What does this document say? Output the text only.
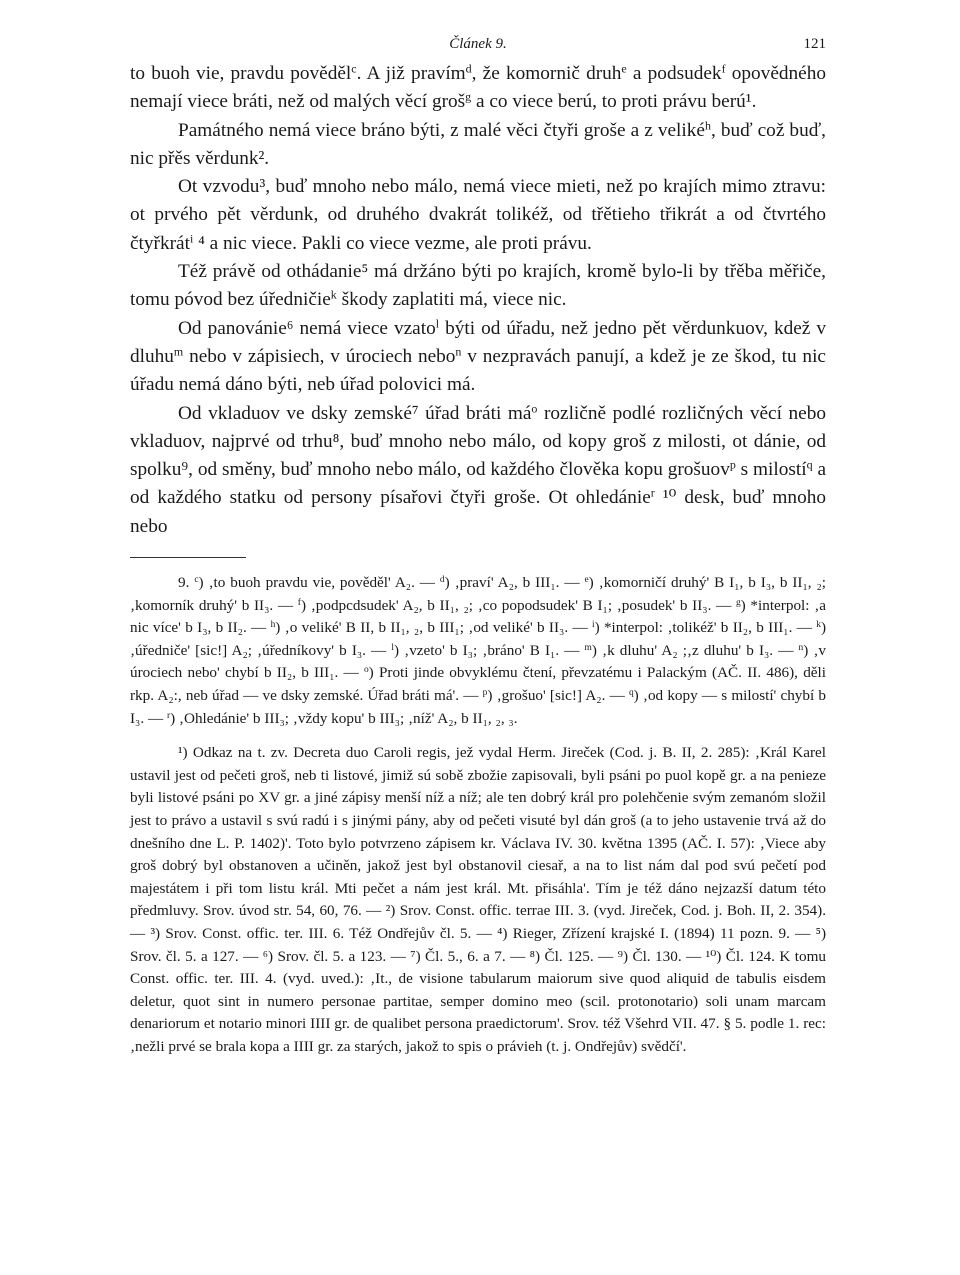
Článek 9.	121

to buoh vie, pravdu pověděl$^c$. A již pravím$^d$, že komornič druh$^e$ a podsudek$^f$ opovědného nemají viece bráti, než od malých věcí groš$^g$ a co viece berú, to proti právu berú¹.

Památného nemá viece bráno býti, z malé věci čtyři groše a z veliké$^h$, buď což buď, nic přěs věrdunk².

Ot vzvodu³, buď mnoho nebo málo, nemá viece mieti, než po krajích mimo ztravu: ot prvého pět věrdunk, od druhého dvakrát tolikéž, od třětieho třikrát a od čtvrtého čtyřkrát$^i$ ⁴ a nic viece. Pakli co viece vezme, ale proti právu.

Též právě od othádanie⁵ má držáno býti po krajích, kromě bylo-li by třěba měřiče, tomu póvod bez úředničie$^k$ škody zaplatiti má, viece nic.

Od panovánie⁶ nemá viece vzato$^l$ býti od úřadu, než jedno pět věrdunkuov, kdež v dluhu$^m$ nebo v zápisiech, v úrociech nebo$^n$ v nezpravách panují, a kdež je ze škod, tu nic úřadu nemá dáno býti, neb úřad polovici má.

Od vkladuov ve dsky zemské⁷ úřad bráti $má^o$ rozličně podlé rozličných věcí nebo vkladuov, najprvé od trhu⁸, buď mnoho nebo málo, od kopy groš z milosti, ot dánie, od spolku⁹, od směny, buď mnoho nebo málo, od každého člověka kopu grošuov$^p$ s milostí$^q$ a od každého statku od persony písařovi čtyři groše. Ot ohledánie$^r$ ¹⁰ desk, buď mnoho nebo

9. $^c$) ‚to buoh pravdu vie, pověděl' A₂. — $^d$) ‚praví' A₂, b III₁. — $^e$) ‚komorničí druhý' B I₁, b I₃, b II₁, ₂; ‚komorník druhý' b II₃. — $^f$) ‚podpcdsudek' A₂, b II₁, ₂; ‚co popodsudek' B I₁; ‚posudek' b II₃. — $^g$) *interpol: ‚a nic více' b I₃, b II₂. — $^h$) ‚o veliké' B II, b II₁, ₂, b III₁; ‚od veliké' b II₃. — $^i$) *interpol: ‚tolikéž' b II₂, b III₁. — $^k$) ‚úředniče' [sic!] A₂; ‚úředníkovy' b I₃. — $^l$) ‚vzeto' b I₃; ‚bráno' B I₁. — $^m$) ‚k dluhu' A₂ ;‚z dluhu' b I₃. — $^n$) ‚v úrociech nebo' chybí b II₂, b III₁. — $^o$) Proti jinde obvyklému čtení, převzatému i Palackým (AČ. II. 486), děli rkp. A₂:, neb úřad — ve dsky zemské. Úřad bráti má'. — $^p$) ‚grošuo' [sic!] A₂. — $^q$) ‚od kopy — s milostí' chybí b I₃. — $^r$) ‚Ohledánie' b III₃; ‚vždy kopu' b III₃; ‚níž' A₂, b II₁, ₂, ₃.

¹) Odkaz na t. zv. Decreta duo Caroli regis, jež vydal Herm. Jireček (Cod. j. B. II, 2. 285): ‚Král Karel ustavil jest od pečeti groš, neb ti listové, jimiž sú sobě zbožie zapisovali, byli psáni po puol kopě gr. a na penieze byli listové psáni po XV gr. a jiné zápisy menší níž a níž; ale ten dobrý král pro polehčenie svým zemanóm složil jest to právo a ustavil s svú radú i s jinými pány, aby od pečeti visuté byl dán groš (a to jeho ustavenie trvá až do dnešního dne L. P. 1402)'. Toto bylo potvrzeno zápisem kr. Václava IV. 30. května 1395 (AČ. I. 57): ‚Viece aby groš dobrý byl obstanoven a učiněn, jakož jest byl obstanovil ciesař, a na to list nám dal pod svú pečetí pod majestátem i při tom listu král. Mti pečet a nám jest král. Mt. přisáhla'. Tím je též dáno nejzazší datum této předmluvy. Srov. úvod str. 54, 60, 76. — ²) Srov. Const. offic. terrae III. 3. (vyd. Jireček, Cod. j. Boh. II, 2. 354). — ³) Srov. Const. offic. ter. III. 6. Též Ondřejův čl. 5. — ⁴) Rieger, Zřízení krajské I. (1894) 11 pozn. 9. — ⁵) Srov. čl. 5. a 127. — ⁶) Srov. čl. 5. a 123. — ⁷) Čl. 5., 6. a 7. — ⁸) Čl. 125. — ⁹) Čl. 130. — ¹⁰) Čl. 124. K tomu Const. offic. ter. III. 4. (vyd. uved.): ‚It., de visione tabularum maiorum sive quod aliquid de tabulis eisdem deletur, quot sint in numero personae partitae, semper domino meo (scil. protonotario) soli unam marcam denariorum et notario minori IIII gr. de qualibet persona praedictorum'. Srov. též Všehrd VII. 47. § 5. podle 1. rec: ‚nežli prvé se brala kopa a IIII gr. za starých, jakož to spis o právieh (t. j. Ondřejův) svědčí'.
